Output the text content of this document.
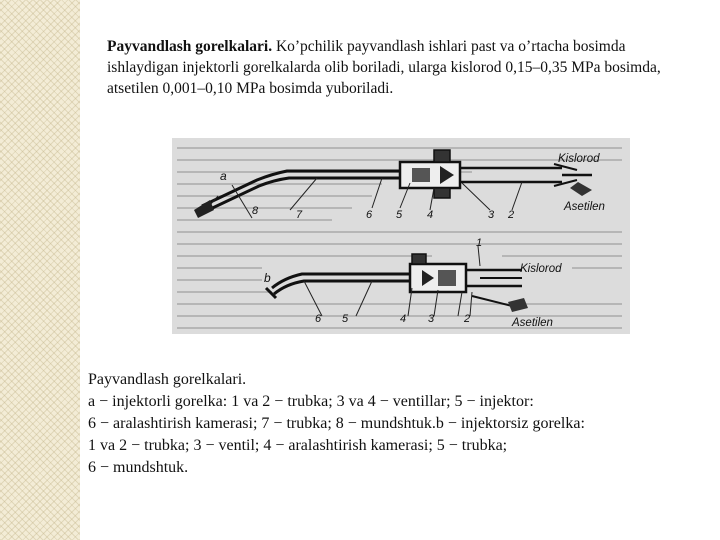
Payvandlash gorelkalari. Ko’pchilik payvandlash ishlari past va o’rtacha bosimda ishlaydigan injektorli gorelkalarda olib boriladi, ularga kislorod 0,15–0,35 MPa bosimda, atsetilen 0,001–0,10 MPa bosimda yuboriladi.

a
8	7	6 5 4	3 2
Kislorod
Asetilen
b
6 5	4 3	2
1
Kislorod
Asetilen
Payvandlash gorelkalari.
a − injektorli gorelka: 1 va 2 − trubka; 3 va 4 − ventillar; 5 − injektor:
6 − aralashtirish kamerasi; 7 − trubka; 8 − mundshtuk.b − injektorsiz gorelka:
1 va 2 − trubka; 3 − ventil; 4 − aralashtirish kamerasi; 5 − trubka;
6 − mundshtuk.
